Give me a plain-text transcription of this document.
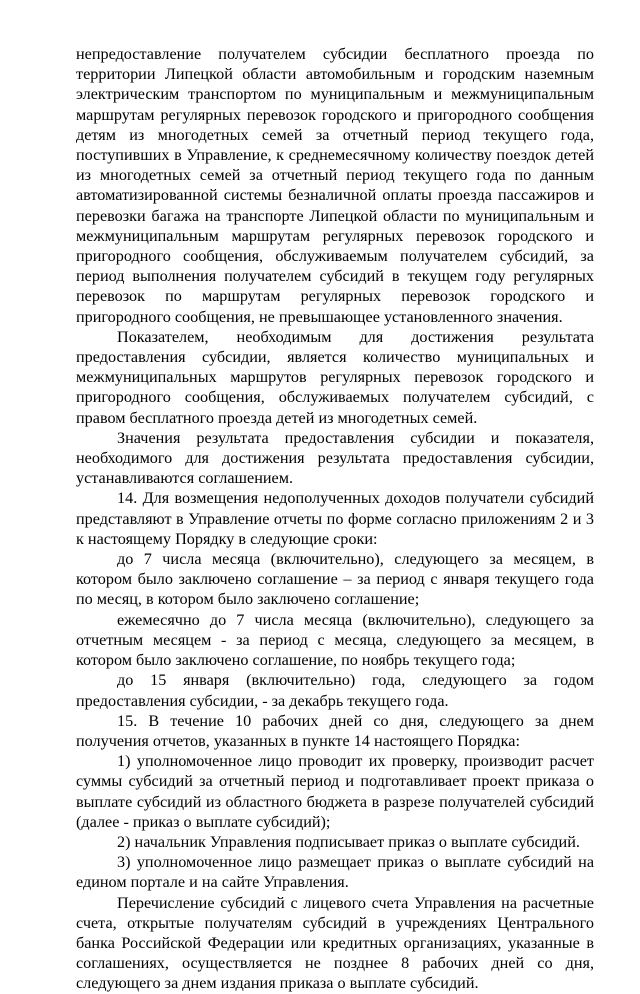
непредоставление получателем субсидии бесплатного проезда по территории Липецкой области автомобильным и городским наземным электрическим транспортом по муниципальным и межмуниципальным маршрутам регулярных перевозок городского и пригородного сообщения детям из многодетных семей за отчетный период текущего года, поступивших в Управление, к среднемесячному количеству поездок детей из многодетных семей за отчетный период текущего года по данным автоматизированной системы безналичной оплаты проезда пассажиров и перевозки багажа на транспорте Липецкой области по муниципальным и межмуниципальным маршрутам регулярных перевозок городского и пригородного сообщения, обслуживаемым получателем субсидий, за период выполнения получателем субсидий в текущем году регулярных перевозок по маршрутам регулярных перевозок городского и пригородного сообщения, не превышающее установленного значения.

Показателем, необходимым для достижения результата предоставления субсидии, является количество муниципальных и межмуниципальных маршрутов регулярных перевозок городского и пригородного сообщения, обслуживаемых получателем субсидий, с правом бесплатного проезда детей из многодетных семей.

Значения результата предоставления субсидии и показателя, необходимого для достижения результата предоставления субсидии, устанавливаются соглашением.

14. Для возмещения недополученных доходов получатели субсидий представляют в Управление отчеты по форме согласно приложениям 2 и 3 к настоящему Порядку в следующие сроки:

до 7 числа месяца (включительно), следующего за месяцем, в котором было заключено соглашение – за период с января текущего года по месяц, в котором было заключено соглашение;

ежемесячно до 7 числа месяца (включительно), следующего за отчетным месяцем - за период с месяца, следующего за месяцем, в котором было заключено соглашение, по ноябрь текущего года;

до 15 января (включительно) года, следующего за годом предоставления субсидии, - за декабрь текущего года.

15. В течение 10 рабочих дней со дня, следующего за днем получения отчетов, указанных в пункте 14 настоящего Порядка:

1) уполномоченное лицо проводит их проверку, производит расчет суммы субсидий за отчетный период и подготавливает проект приказа о выплате субсидий из областного бюджета в разрезе получателей субсидий (далее - приказ о выплате субсидий);

2) начальник Управления подписывает приказ о выплате субсидий.

3) уполномоченное лицо размещает приказ о выплате субсидий на едином портале и на сайте Управления.

Перечисление субсидий с лицевого счета Управления на расчетные счета, открытые получателям субсидий в учреждениях Центрального банка Российской Федерации или кредитных организациях, указанные в соглашениях, осуществляется не позднее 8 рабочих дней со дня, следующего за днем издания приказа о выплате субсидий.
